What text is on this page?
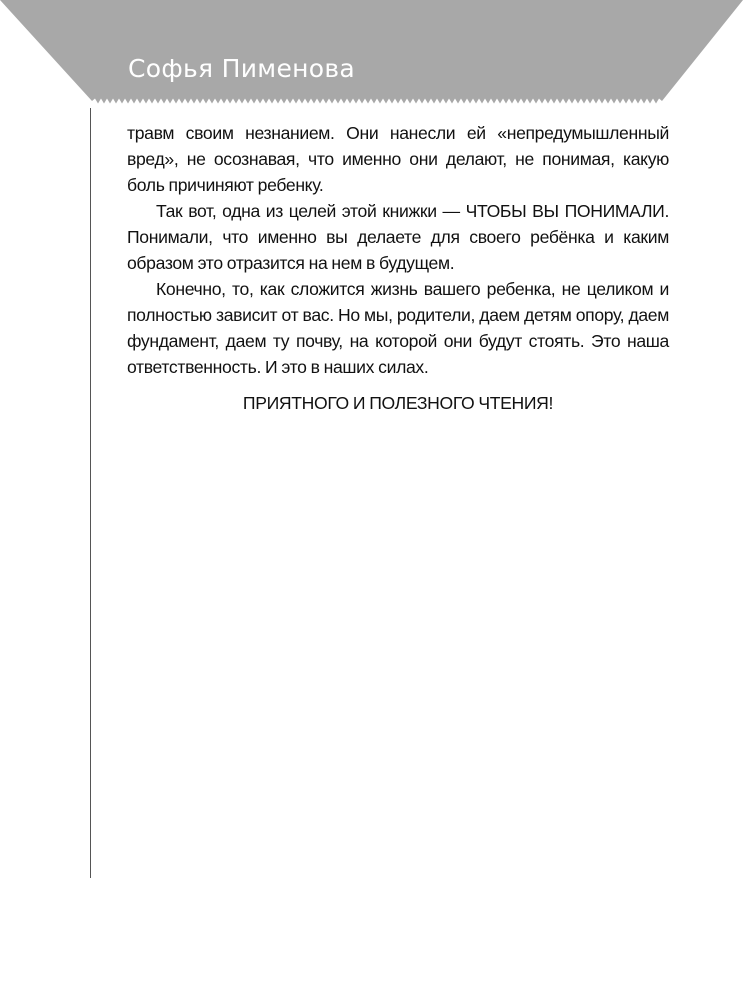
Софья Пименова

травм своим незнанием. Они нанесли ей «непредумышленный вред», не осознавая, что именно они делают, не понимая, какую боль причиняют ребенку.

Так вот, одна из целей этой книжки — ЧТОБЫ ВЫ ПОНИМАЛИ. Понимали, что именно вы делаете для своего ребёнка и каким образом это отразится на нем в будущем.

Конечно, то, как сложится жизнь вашего ребенка, не целиком и полностью зависит от вас. Но мы, родители, даем детям опору, даем фундамент, даем ту почву, на которой они будут стоять. Это наша ответственность. И это в наших силах.

ПРИЯТНОГО И ПОЛЕЗНОГО ЧТЕНИЯ!
